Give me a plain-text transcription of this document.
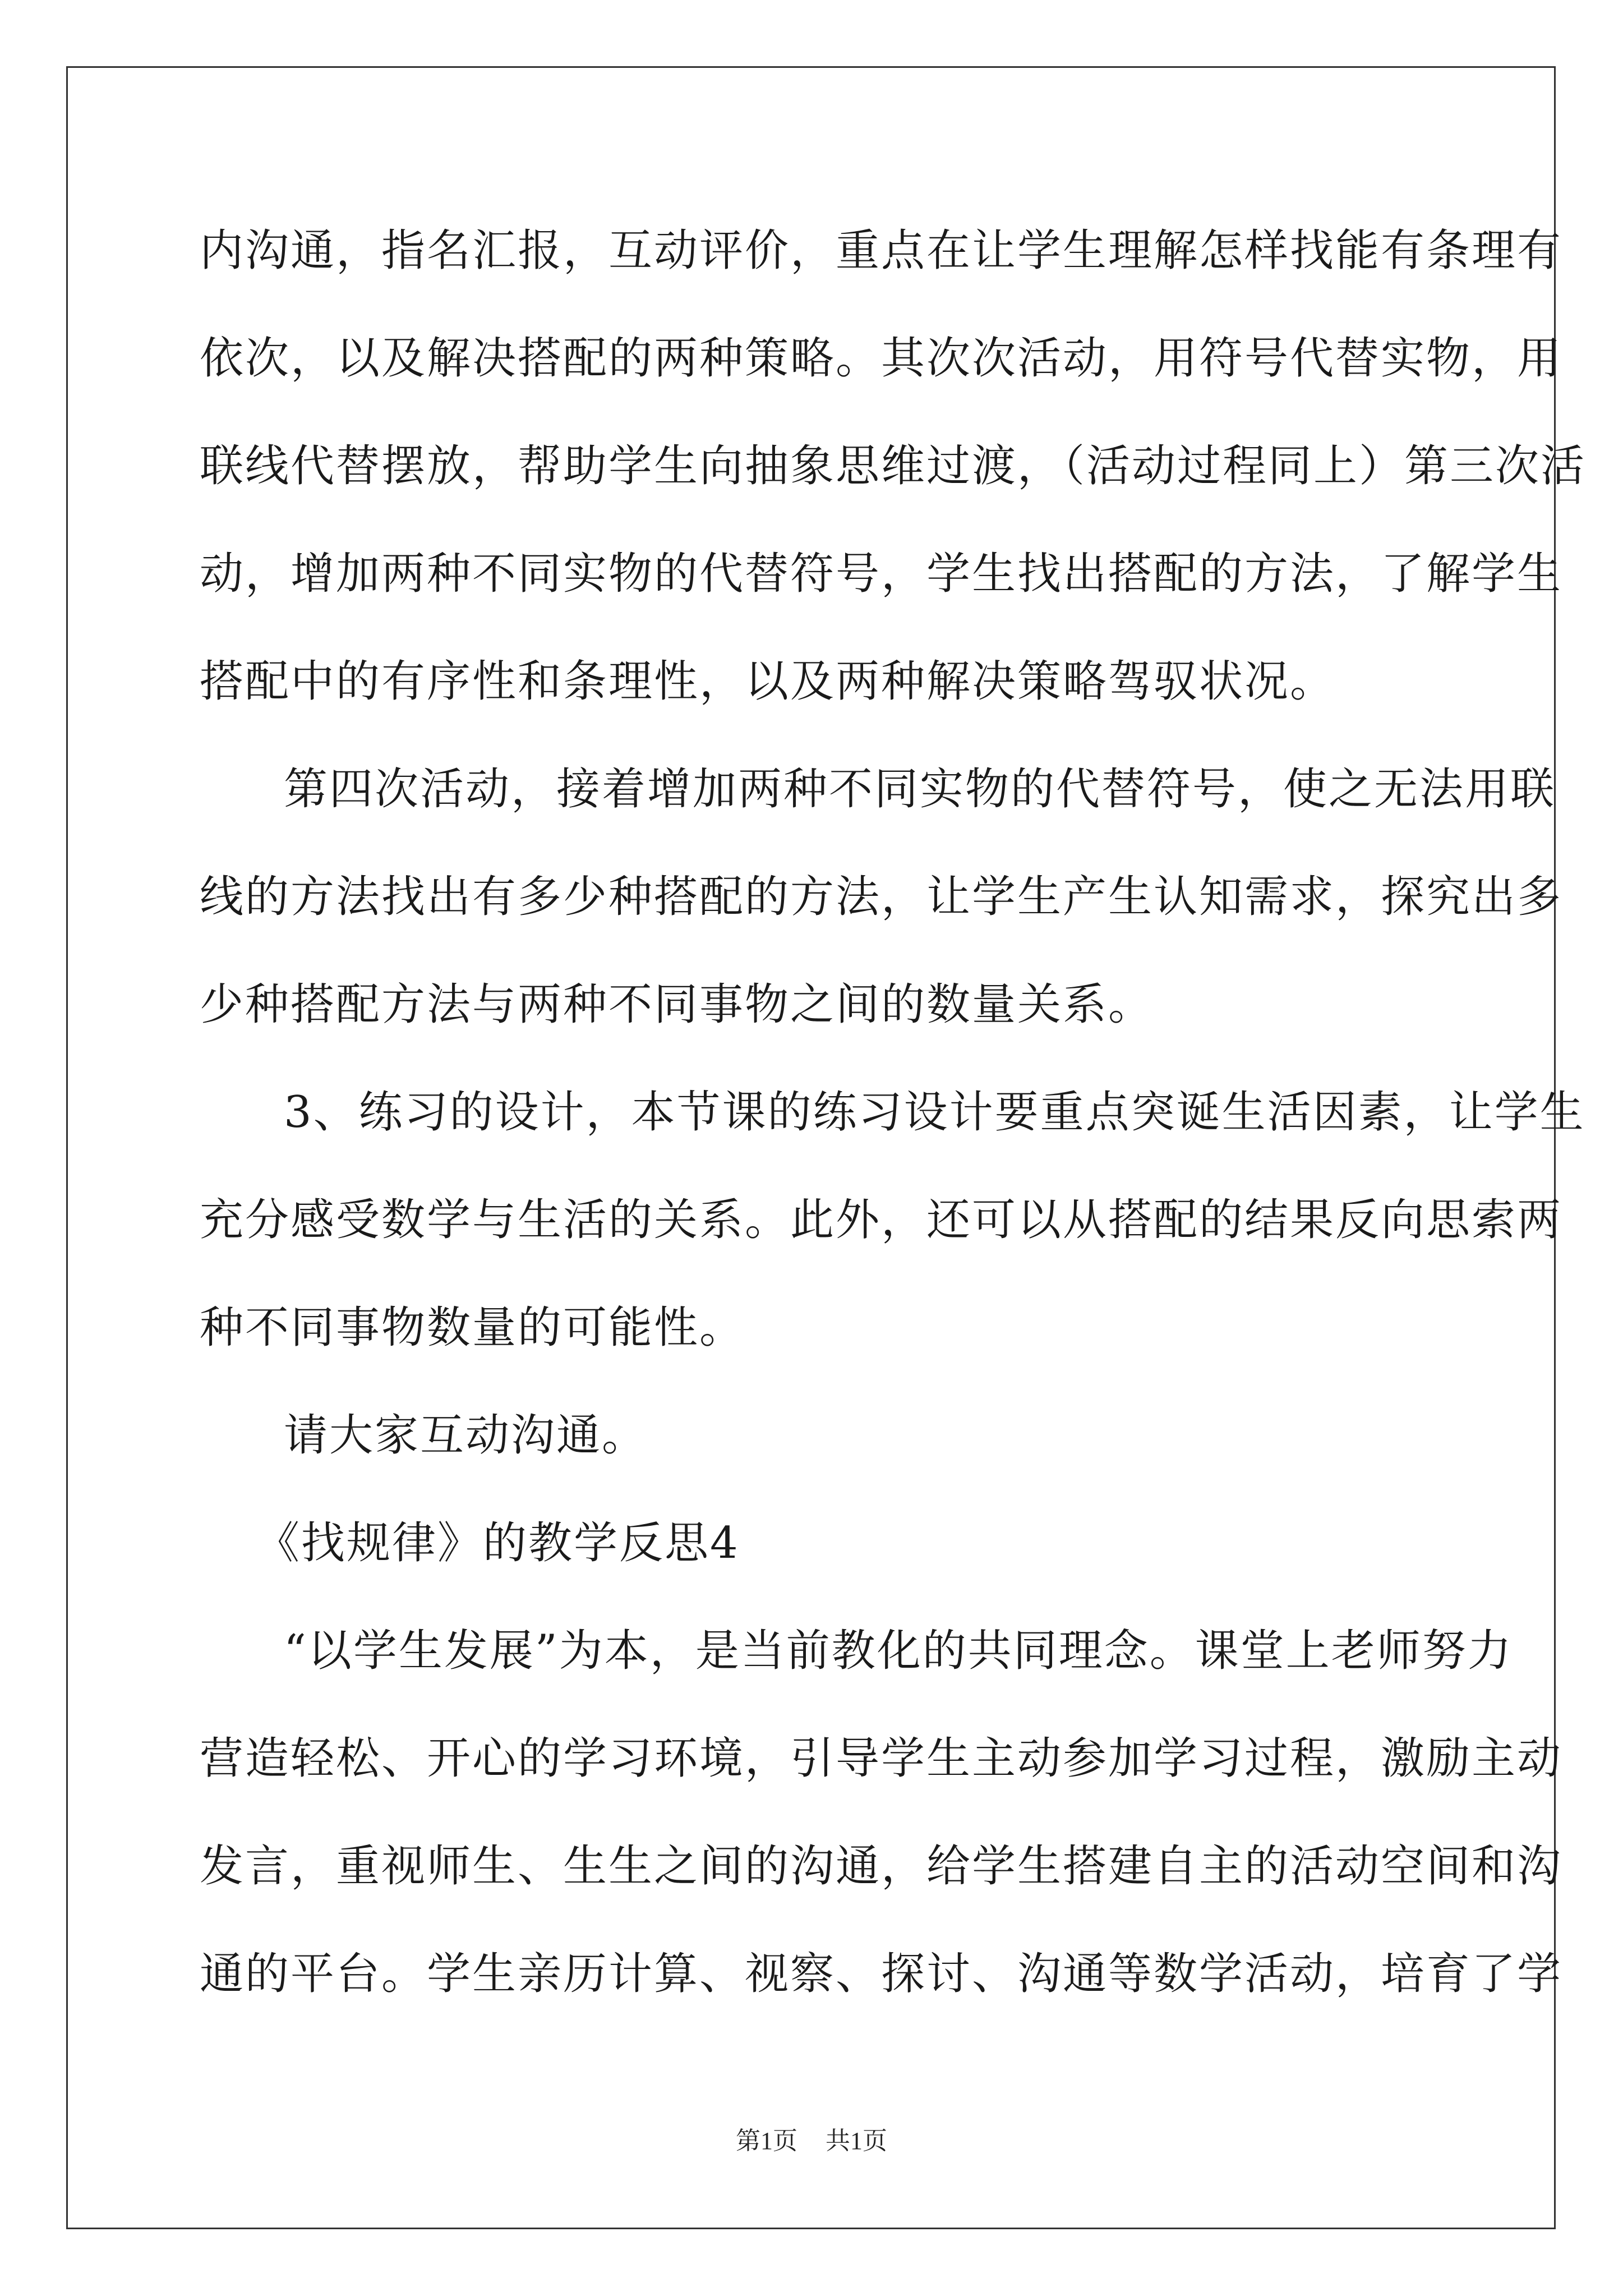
内沟通，指名汇报，互动评价，重点在让学生理解怎样找能有条理有
依次，以及解决搭配的两种策略。其次次活动，用符号代替实物，用
联线代替摆放，帮助学生向抽象思维过渡，（活动过程同上）第三次活
动，增加两种不同实物的代替符号，学生找出搭配的方法，了解学生
搭配中的有序性和条理性，以及两种解决策略驾驭状况。
第四次活动，接着增加两种不同实物的代替符号，使之无法用联
线的方法找出有多少种搭配的方法，让学生产生认知需求，探究出多
少种搭配方法与两种不同事物之间的数量关系。
3、练习的设计，本节课的练习设计要重点突诞生活因素，让学生
充分感受数学与生活的关系。此外，还可以从搭配的结果反向思索两
种不同事物数量的可能性。
请大家互动沟通。
《找规律》的教学反思4
“以学生发展”为本，是当前教化的共同理念。课堂上老师努力
营造轻松、开心的学习环境，引导学生主动参加学习过程，激励主动
发言，重视师生、生生之间的沟通，给学生搭建自主的活动空间和沟
通的平台。学生亲历计算、视察、探讨、沟通等数学活动，培育了学
第1页 共1页
